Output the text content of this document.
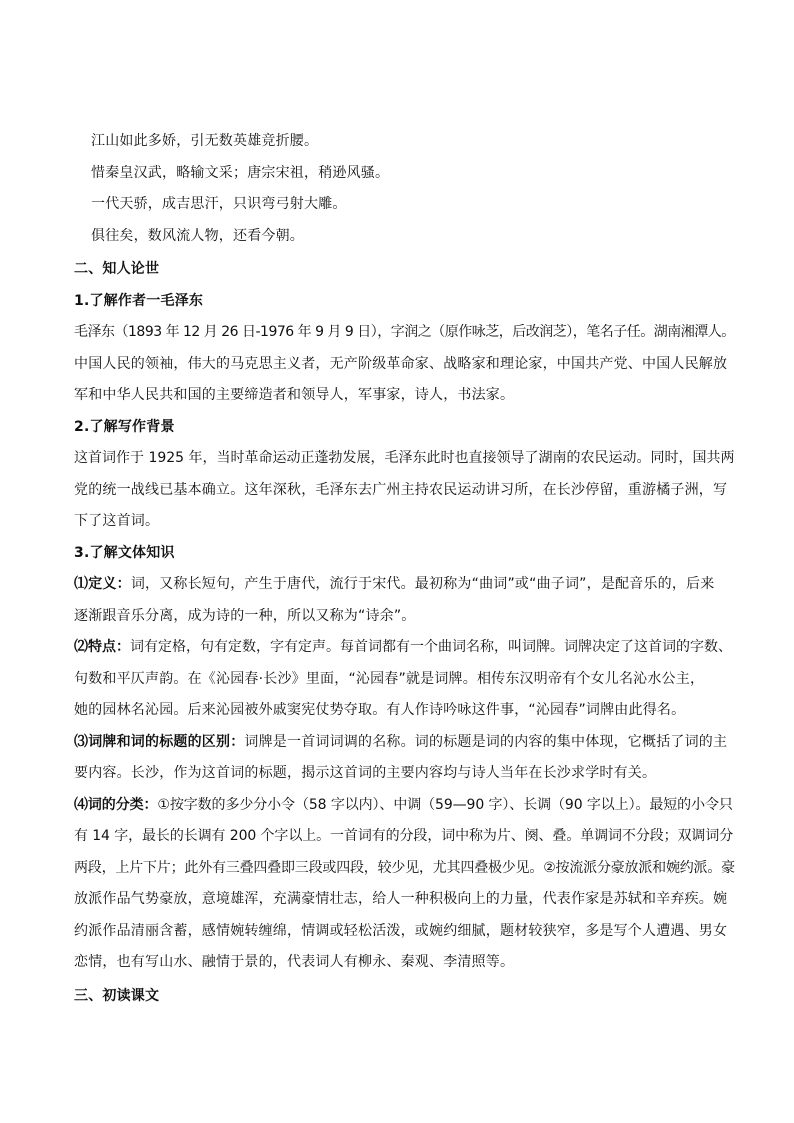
江山如此多娇，引无数英雄竞折腰。
惜秦皇汉武，略输文采；唐宗宋祖，稍逊风骚。
一代天骄，成吉思汗，只识弯弓射大雕。
俱往矣，数风流人物，还看今朝。
二、知人论世
1.了解作者一毛泽东
毛泽东（1893 年 12 月 26 日-1976 年 9 月 9 日），字润之（原作咏芝，后改润芝），笔名子任。湖南湘潭人。
中国人民的领袖，伟大的马克思主义者，无产阶级革命家、战略家和理论家，中国共产党、中国人民解放
军和中华人民共和国的主要缔造者和领导人，军事家，诗人，书法家。
2.了解写作背景
这首词作于 1925 年，当时革命运动正蓬勃发展，毛泽东此时也直接领导了湖南的农民运动。同时，国共两
党的统一战线已基本确立。这年深秋，毛泽东去广州主持农民运动讲习所，在长沙停留，重游橘子洲，写
下了这首词。
3.了解文体知识
⑴定义：词，又称长短句，产生于唐代，流行于宋代。最初称为“曲词”或“曲子词”，是配音乐的，后来
逐渐跟音乐分离，成为诗的一种，所以又称为“诗余”。
⑵特点：词有定格，句有定数，字有定声。每首词都有一个曲词名称，叫词牌。词牌决定了这首词的字数、
句数和平仄声韵。在《沁园春·长沙》里面，“沁园春”就是词牌。相传东汉明帝有个女儿名沁水公主，
她的园林名沁园。后来沁园被外戚窦宪仗势夺取。有人作诗吟咏这件事，“沁园春”词牌由此得名。
⑶词牌和词的标题的区别：词牌是一首词词调的名称。词的标题是词的内容的集中体现，它概括了词的主
要内容。长沙，作为这首词的标题，揭示这首词的主要内容均与诗人当年在长沙求学时有关。
⑷词的分类：①按字数的多少分小令（58 字以内）、中调（59—90 字）、长调（90 字以上）。最短的小令只
有 14 字，最长的长调有 200 个字以上。一首词有的分段，词中称为片、阕、叠。单调词不分段；双调词分
两段，上片下片；此外有三叠四叠即三段或四段，较少见，尤其四叠极少见。②按流派分豪放派和婉约派。豪
放派作品气势豪放，意境雄浑，充满豪情壮志，给人一种积极向上的力量，代表作家是苏轼和辛弃疾。婉
约派作品清丽含蓄，感情婉转缠绵，情调或轻松活泼，或婉约细腻，题材较狭窄，多是写个人遭遇、男女
恋情，也有写山水、融情于景的，代表词人有柳永、秦观、李清照等。
三、初读课文
